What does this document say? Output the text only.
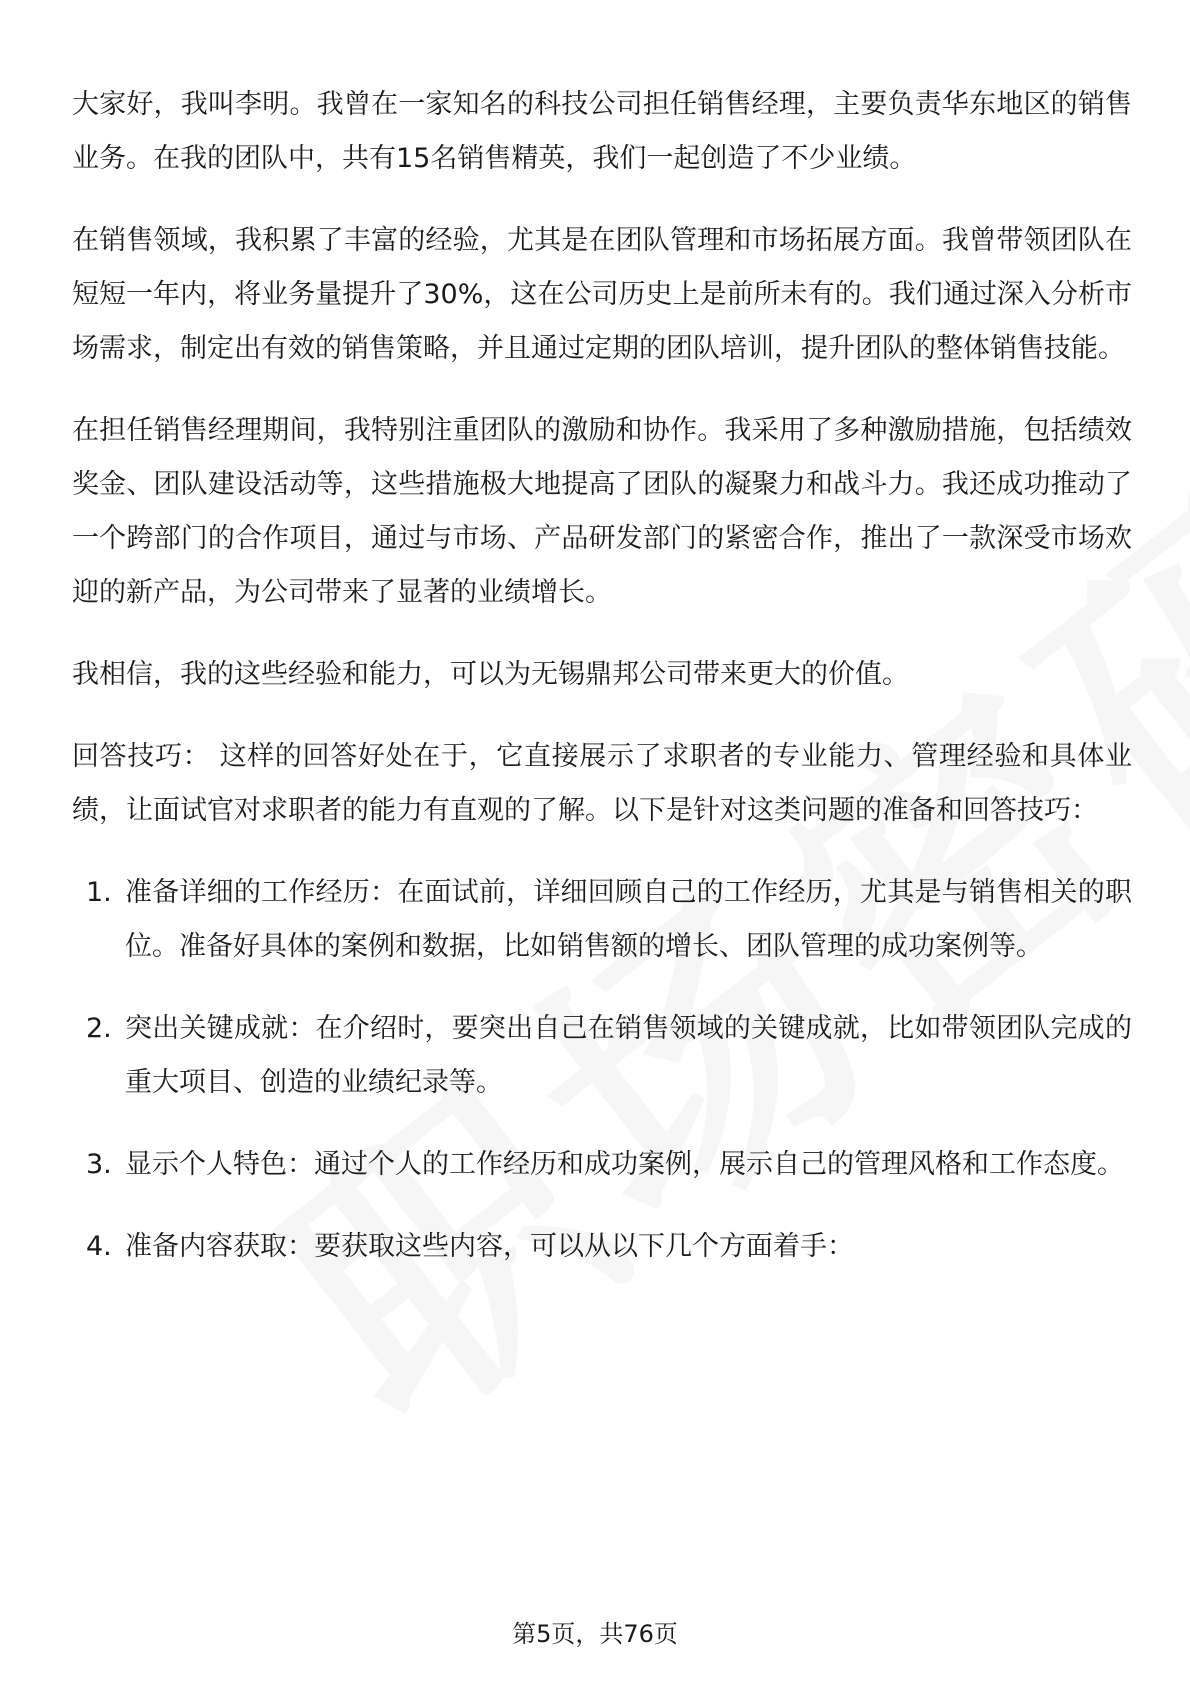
大家好，我叫李明。我曾在一家知名的科技公司担任销售经理，主要负责华东地区的销售业务。在我的团队中，共有15名销售精英，我们一起创造了不少业绩。

在销售领域，我积累了丰富的经验，尤其是在团队管理和市场拓展方面。我曾带领团队在短短一年内，将业务量提升了30%，这在公司历史上是前所未有的。我们通过深入分析市场需求，制定出有效的销售策略，并且通过定期的团队培训，提升团队的整体销售技能。

在担任销售经理期间，我特别注重团队的激励和协作。我采用了多种激励措施，包括绩效奖金、团队建设活动等，这些措施极大地提高了团队的凝聚力和战斗力。我还成功推动了一个跨部门的合作项目，通过与市场、产品研发部门的紧密合作，推出了一款深受市场欢迎的新产品，为公司带来了显著的业绩增长。

我相信，我的这些经验和能力，可以为无锡鼎邦公司带来更大的价值。

回答技巧： 这样的回答好处在于，它直接展示了求职者的专业能力、管理经验和具体业绩，让面试官对求职者的能力有直观的了解。以下是针对这类问题的准备和回答技巧：

1. 准备详细的工作经历：在面试前，详细回顾自己的工作经历，尤其是与销售相关的职位。准备好具体的案例和数据，比如销售额的增长、团队管理的成功案例等。
2. 突出关键成就：在介绍时，要突出自己在销售领域的关键成就，比如带领团队完成的重大项目、创造的业绩纪录等。
3. 显示个人特色：通过个人的工作经历和成功案例，展示自己的管理风格和工作态度。
4. 准备内容获取：要获取这些内容，可以从以下几个方面着手：
第5页，共76页
